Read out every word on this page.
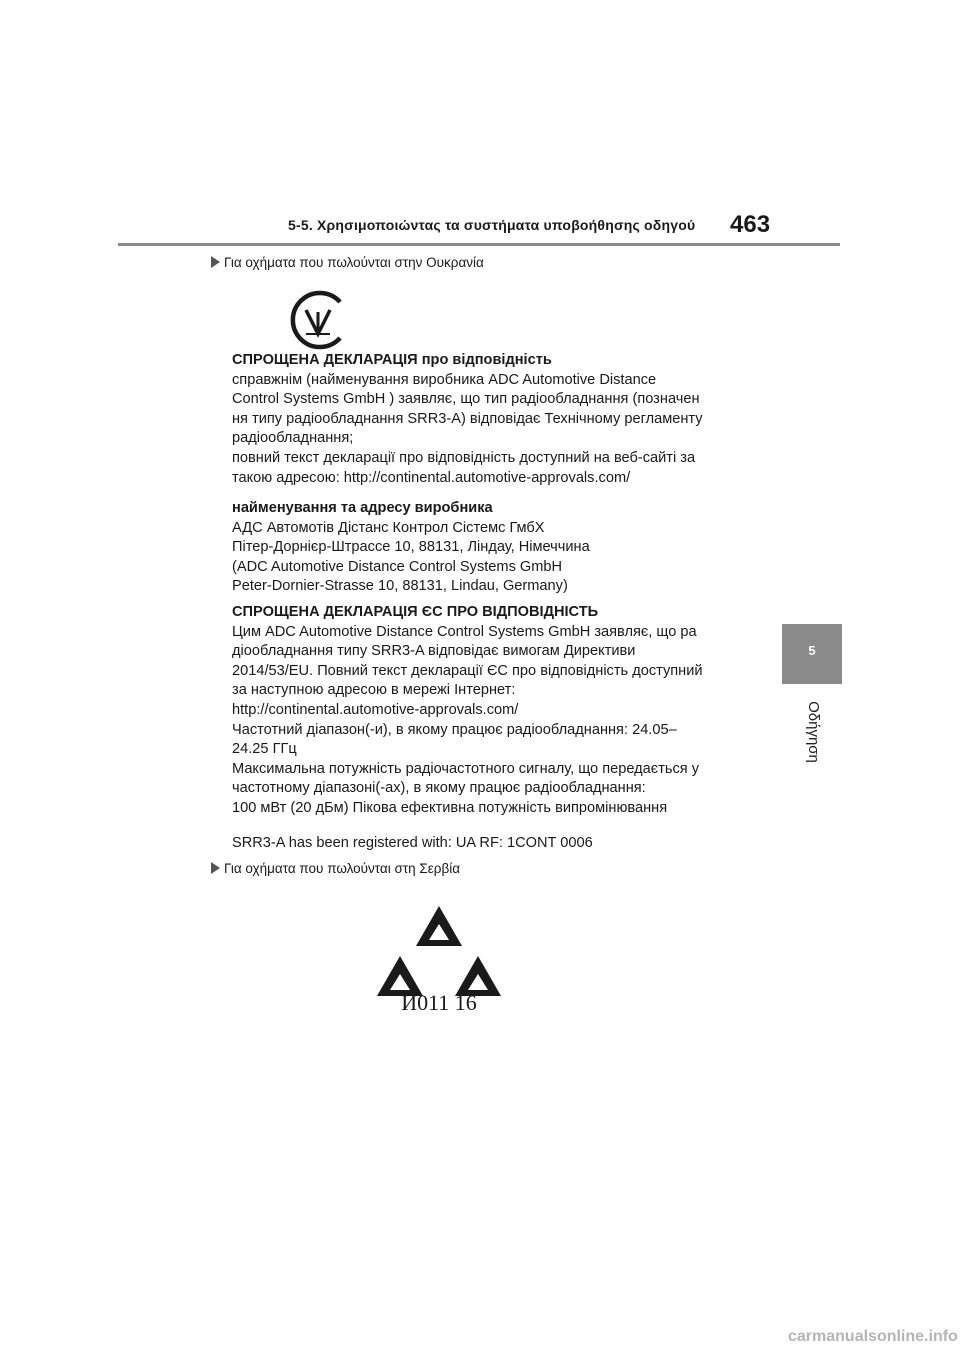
5-5. Χρησιμοποιώντας τα συστήματα υποβοήθησης οδηγού 463
5
Οδήγηση
Για οχήματα που πωλούνται στην Ουκρανία
СПРОЩЕНА ДЕКЛАРАЦІЯ про відповідність
справжнім (найменування виробника ADC Automotive Distance
Control Systems GmbH ) заявляє, що тип радіообладнання (позначен
ня типу радіообладнання SRR3-A) відповідає Технічному регламенту
радіообладнання;
повний текст декларації про відповідність доступний на веб-сайті за
такою адресою: http://continental.automotive-approvals.com/
найменування та адресу виробника
АДС Автомотів Дістанс Контрол Сістемс ГмбХ
Пітер-Дорнієр-Штрассе 10, 88131, Ліндау, Німеччина
(ADC Automotive Distance Control Systems GmbH
Peter-Dornier-Strasse 10, 88131, Lindau, Germany)
СПРОЩЕНА ДЕКЛАРАЦІЯ ЄС ПРО ВІДПОВІДНІСТЬ
Цим ADC Automotive Distance Control Systems GmbH заявляє, що ра
діообладнання типу SRR3-A відповідає вимогам Директиви
2014/53/EU. Повний текст декларації ЄС про відповідність доступний
за наступною адресою в мережі Інтернет:
http://continental.automotive-approvals.com/
Частотний діапазон(-и), в якому працює радіообладнання: 24.05–
24.25 ГГц
Максимальна потужність радіочастотного сигналу, що передається у
частотному діапазоні(-ах), в якому працює радіообладнання:
100 мВт (20 дБм) Пікова ефективна потужність випромінювання
SRR3-A has been registered with: UA RF: 1CONT 0006
Για οχήματα που πωλούνται στη Σερβία
И011 16
carmanualsonline.info
